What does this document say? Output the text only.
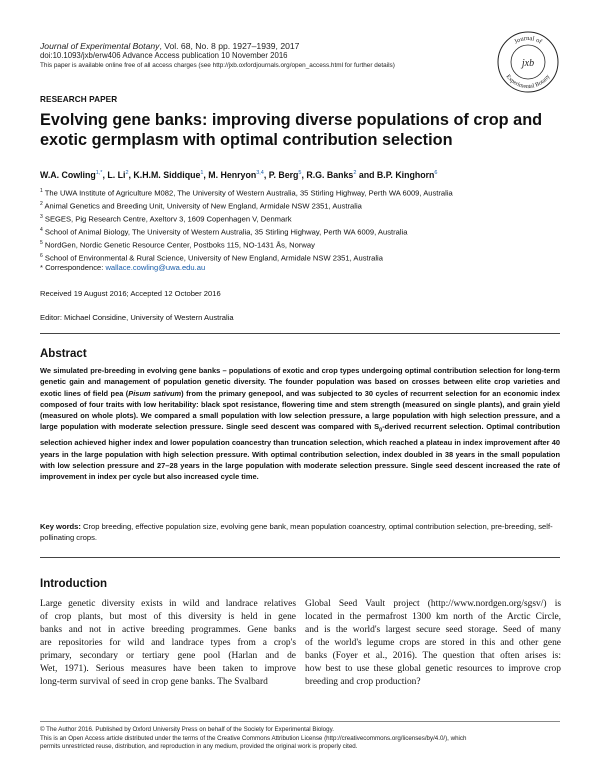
Journal of Experimental Botany, Vol. 68, No. 8 pp. 1927–1939, 2017
doi:10.1093/jxb/erw406 Advance Access publication 10 November 2016
This paper is available online free of all access charges (see http://jxb.oxfordjournals.org/open_access.html for further details)
Journal of
Experimental Botany
jxb
RESEARCH PAPER
Evolving gene banks: improving diverse populations of crop and exotic germplasm with optimal contribution selection
W.A. Cowling$^{1,*}$, L. Li$^2$, K.H.M. Siddique$^1$, M. Henryon$^{3,4}$, P. Berg$^5$, R.G. Banks$^2$ and B.P. Kinghorn$^6$
$^1$ The UWA Institute of Agriculture M082, The University of Western Australia, 35 Stirling Highway, Perth WA 6009, Australia
$^2$ Animal Genetics and Breeding Unit, University of New England, Armidale NSW 2351, Australia
$^3$ SEGES, Pig Research Centre, Axeltorv 3, 1609 Copenhagen V, Denmark
$^4$ School of Animal Biology, The University of Western Australia, 35 Stirling Highway, Perth WA 6009, Australia
$^5$ NordGen, Nordic Genetic Resource Center, Postboks 115, NO-1431 Ås, Norway
$^6$ School of Environmental & Rural Science, University of New England, Armidale NSW 2351, Australia
* Correspondence: wallace.cowling@uwa.edu.au
Received 19 August 2016; Accepted 12 October 2016
Editor: Michael Considine, University of Western Australia
Abstract
We simulated pre-breeding in evolving gene banks – populations of exotic and crop types undergoing optimal contribution selection for long-term genetic gain and management of population genetic diversity. The founder population was based on crosses between elite crop varieties and exotic lines of field pea (Pisum sativum) from the primary genepool, and was subjected to 30 cycles of recurrent selection for an economic index composed of four traits with low heritability: black spot resistance, flowering time and stem strength (measured on single plants), and grain yield (measured on whole plots). We compared a small population with low selection pressure, a large population with high selection pressure, and a large population with moderate selection pressure. Single seed descent was compared with $S_0$-derived recurrent selection. Optimal contribution selection achieved higher index and lower population coancestry than truncation selection, which reached a plateau in index improvement after 40 years in the large population with high selection pressure. With optimal contribution selection, index doubled in 38 years in the small population with low selection pressure and 27–28 years in the large population with moderate selection pressure. Single seed descent increased the rate of improvement in index per cycle but also increased cycle time.
Key words: Crop breeding, effective population size, evolving gene bank, mean population coancestry, optimal contribution selection, pre-breeding, self-pollinating crops.
Introduction
Large genetic diversity exists in wild and landrace relatives
of crop plants, but most of this diversity is held in gene
banks and not in active breeding programmes. Gene banks
are repositories for wild and landrace types from a crop's
primary, secondary or tertiary gene pool (Harlan and de
Wet, 1971). Serious measures have been taken to improve
long-term survival of seed in crop gene banks. The Svalbard
Global Seed Vault project (http://www.nordgen.org/sgsv/) is
located in the permafrost 1300 km north of the Arctic Circle,
and is the world's largest secure seed storage. Seed of many
of the world's legume crops are stored in this and other gene
banks (Foyer et al., 2016). The question that often arises is:
how best to use these global genetic resources to improve crop
breeding and crop production?
© The Author 2016. Published by Oxford University Press on behalf of the Society for Experimental Biology.
This is an Open Access article distributed under the terms of the Creative Commons Attribution License (http://creativecommons.org/licenses/by/4.0/), which
permits unrestricted reuse, distribution, and reproduction in any medium, provided the original work is properly cited.
